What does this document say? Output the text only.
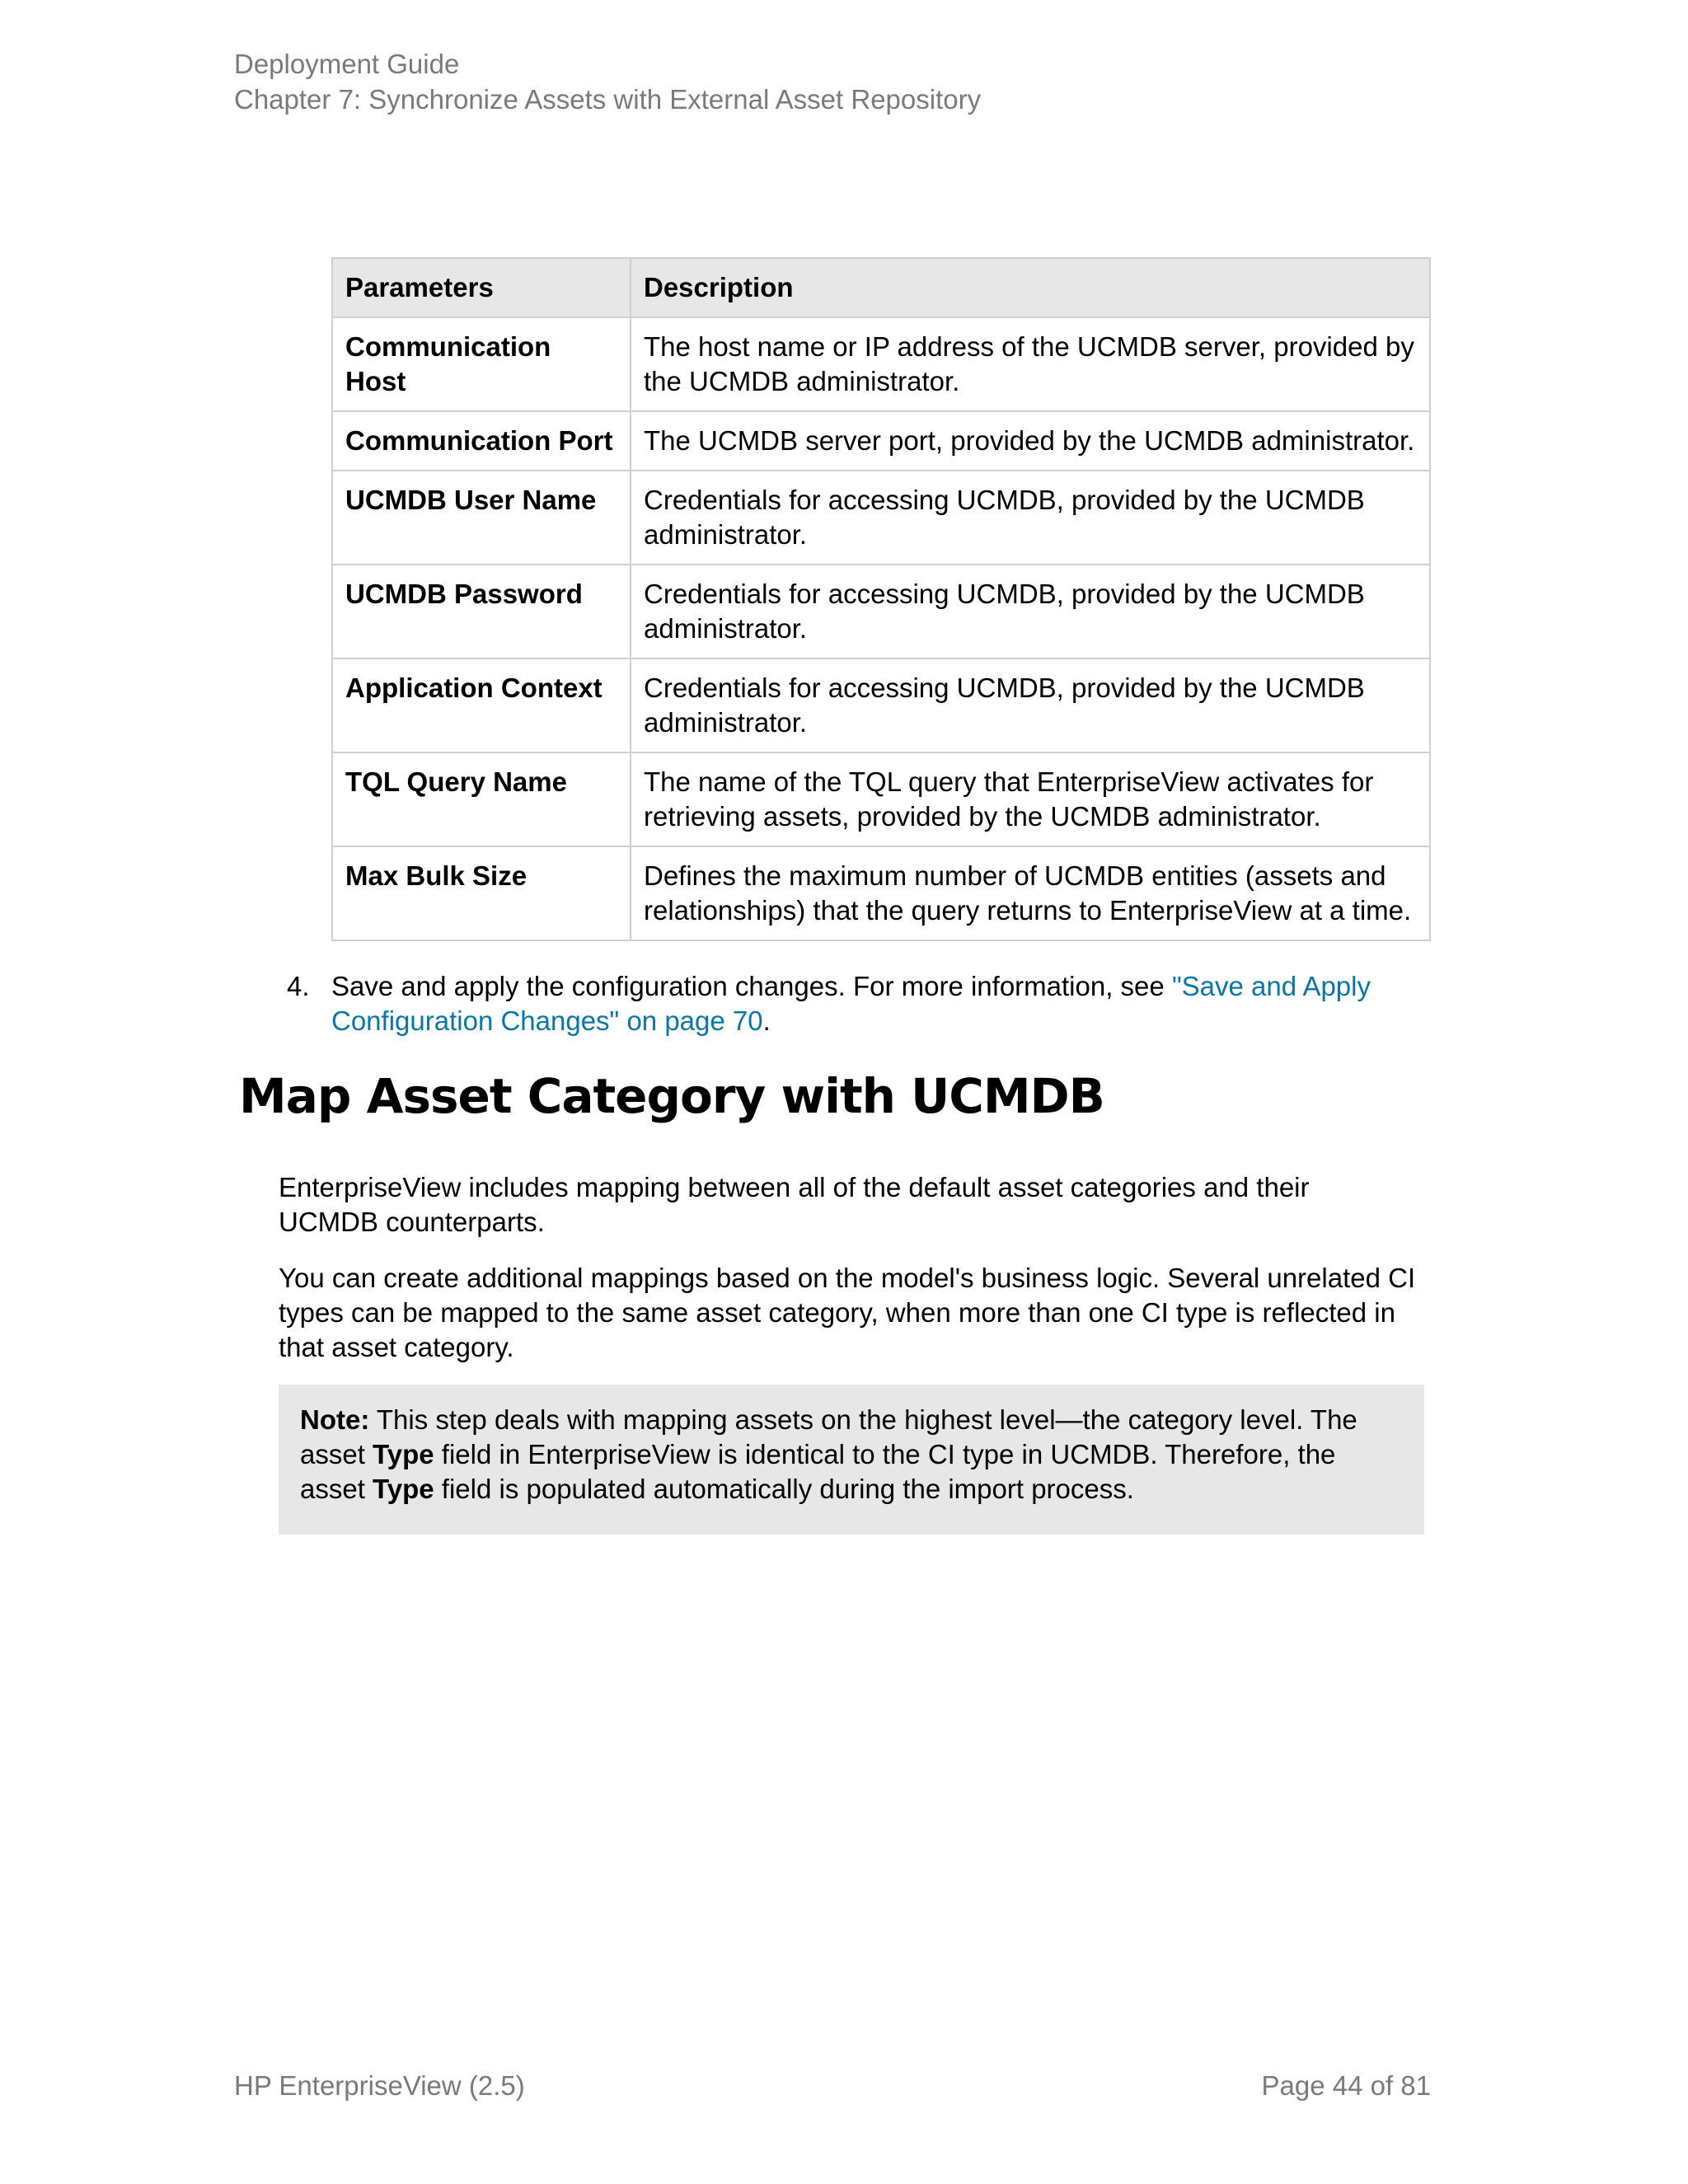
Deployment Guide
Chapter 7: Synchronize Assets with External Asset Repository
Parameters	Description
Communication Host	The host name or IP address of the UCMDB server, provided by the UCMDB administrator.
Communication Port	The UCMDB server port, provided by the UCMDB administrator.
UCMDB User Name	Credentials for accessing UCMDB, provided by the UCMDB administrator.
UCMDB Password	Credentials for accessing UCMDB, provided by the UCMDB administrator.
Application Context	Credentials for accessing UCMDB, provided by the UCMDB administrator.
TQL Query Name	The name of the TQL query that EnterpriseView activates for retrieving assets, provided by the UCMDB administrator.
Max Bulk Size	Defines the maximum number of UCMDB entities (assets and relationships) that the query returns to EnterpriseView at a time.
4. Save and apply the configuration changes. For more information, see "Save and Apply Configuration Changes" on page 70.
Map Asset Category with UCMDB

EnterpriseView includes mapping between all of the default asset categories and their UCMDB counterparts.

You can create additional mappings based on the model's business logic. Several unrelated CI types can be mapped to the same asset category, when more than one CI type is reflected in that asset category.

Note: This step deals with mapping assets on the highest level—the category level. The asset Type field in EnterpriseView is identical to the CI type in UCMDB. Therefore, the asset Type field is populated automatically during the import process.
HP EnterpriseView (2.5)	Page 44 of 81
